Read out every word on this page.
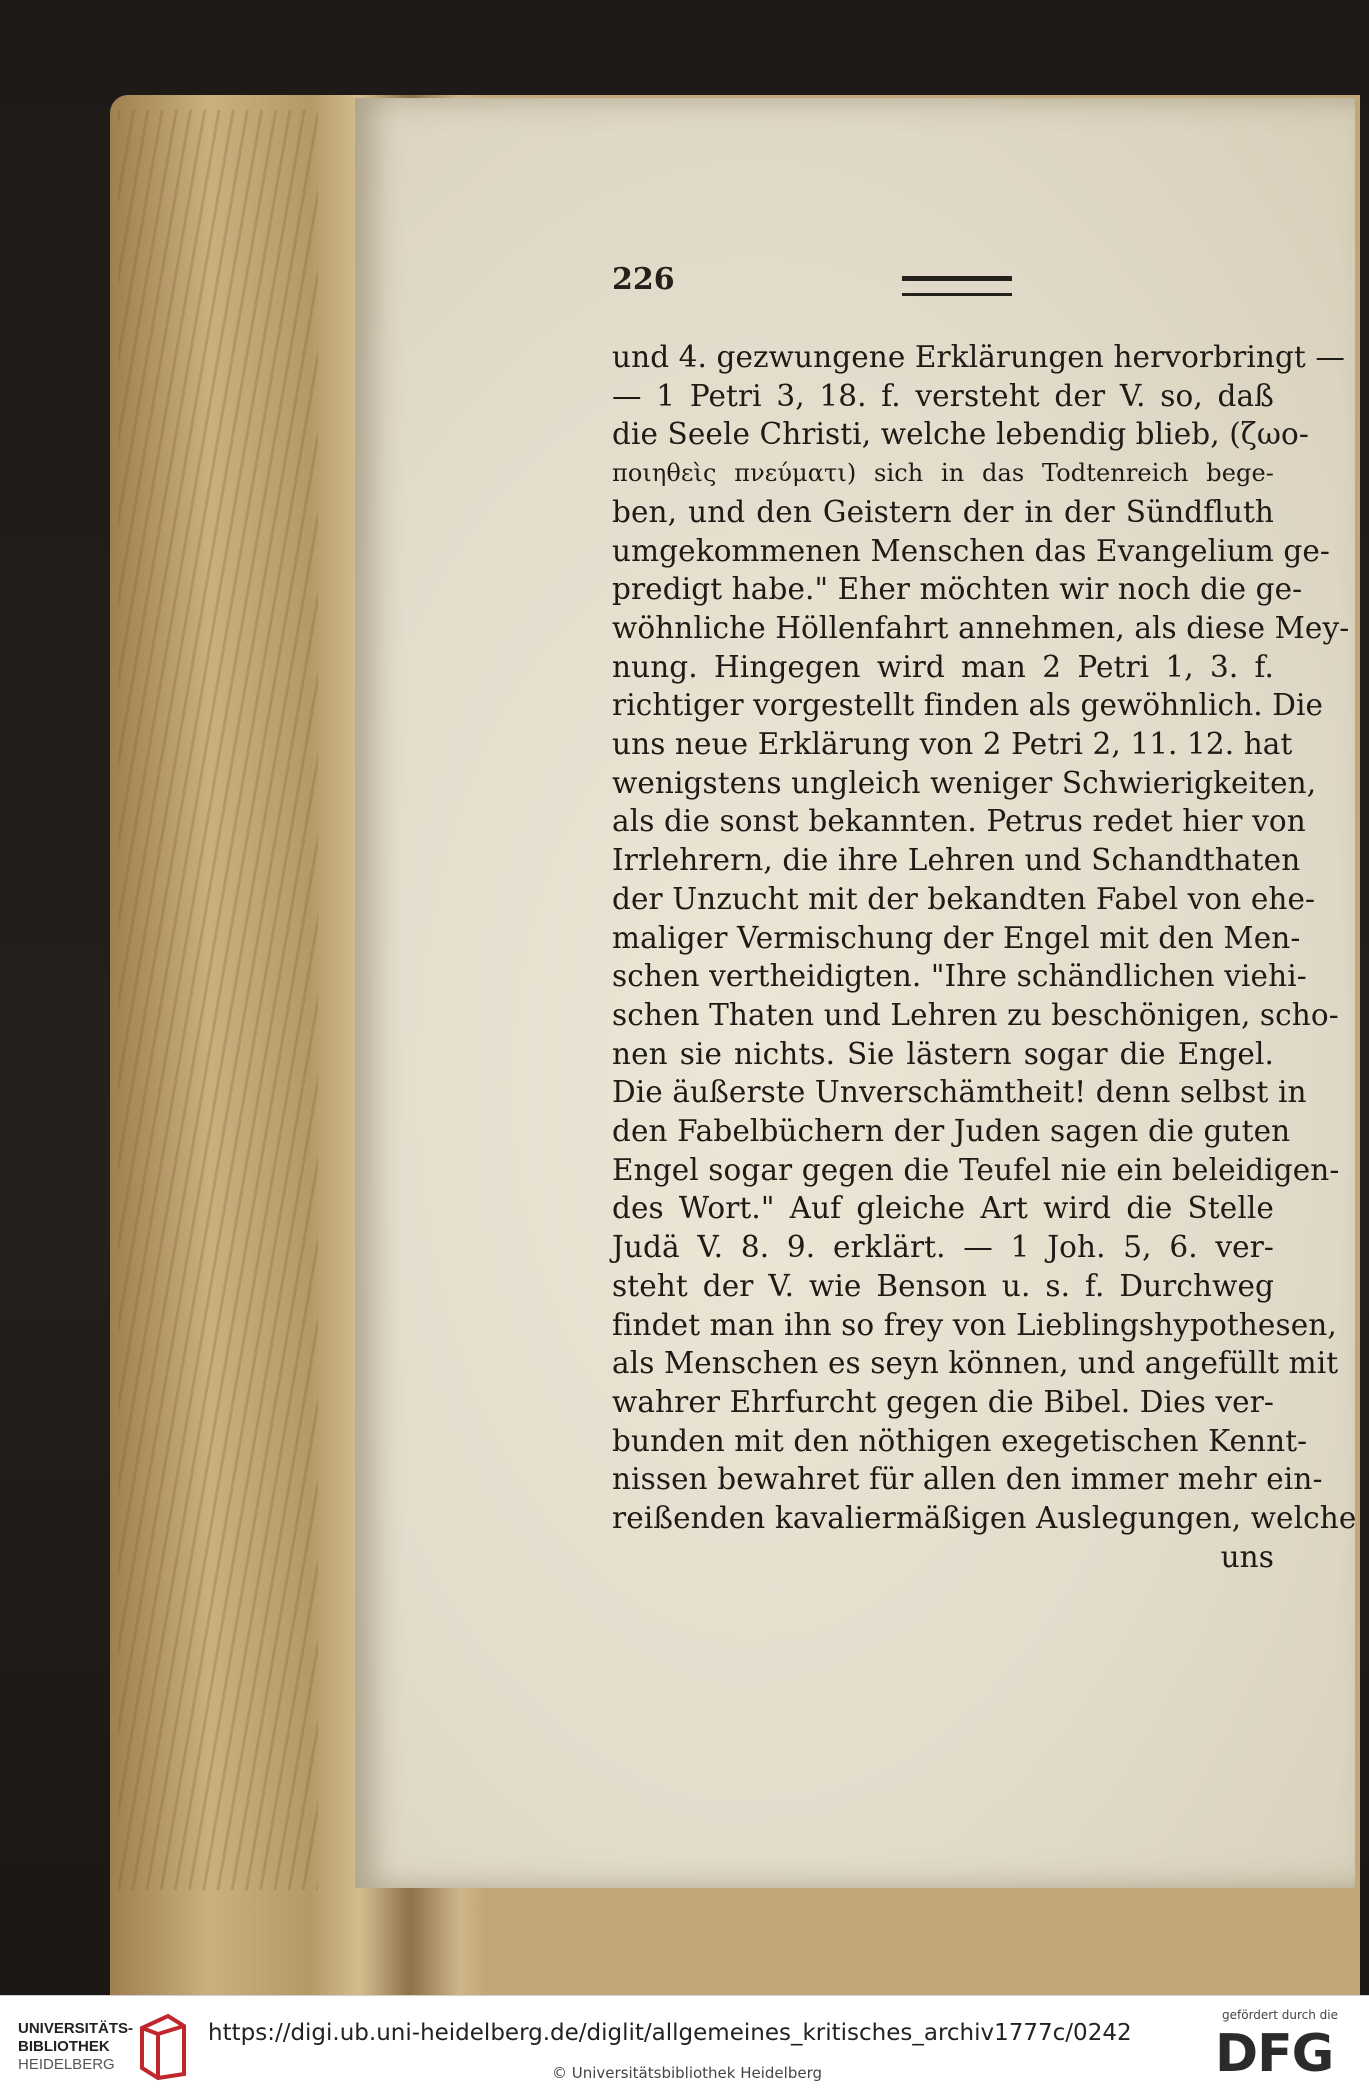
226
und 4. gezwungene Erklärungen hervorbringt —
— 1 Petri 3, 18. f. versteht der V. so, daß
die Seele Christi, welche lebendig blieb, (ζωο-
ποιηθεὶς πνεύματι) sich in das Todtenreich bege-
ben, und den Geistern der in der Sündfluth
umgekommenen Menschen das Evangelium ge-
predigt habe." Eher möchten wir noch die ge-
wöhnliche Höllenfahrt annehmen, als diese Mey-
nung. Hingegen wird man 2 Petri 1, 3. f.
richtiger vorgestellt finden als gewöhnlich. Die
uns neue Erklärung von 2 Petri 2, 11. 12. hat
wenigstens ungleich weniger Schwierigkeiten,
als die sonst bekannten. Petrus redet hier von
Irrlehrern, die ihre Lehren und Schandthaten
der Unzucht mit der bekandten Fabel von ehe-
maliger Vermischung der Engel mit den Men-
schen vertheidigten. "Ihre schändlichen viehi-
schen Thaten und Lehren zu beschönigen, scho-
nen sie nichts. Sie lästern sogar die Engel.
Die äußerste Unverschämtheit! denn selbst in
den Fabelbüchern der Juden sagen die guten
Engel sogar gegen die Teufel nie ein beleidigen-
des Wort." Auf gleiche Art wird die Stelle
Judä V. 8. 9. erklärt. — 1 Joh. 5, 6. ver-
steht der V. wie Benson u. s. f. Durchweg
findet man ihn so frey von Lieblingshypothesen,
als Menschen es seyn können, und angefüllt mit
wahrer Ehrfurcht gegen die Bibel. Dies ver-
bunden mit den nöthigen exegetischen Kennt-
nissen bewahret für allen den immer mehr ein-
reißenden kavaliermäßigen Auslegungen, welche
uns
UNIVERSITÄTS-
BIBLIOTHEK
HEIDELBERG
https://digi.ub.uni-heidelberg.de/diglit/allgemeines_kritisches_archiv1777c/0242
© Universitätsbibliothek Heidelberg
gefördert durch die
DFG
